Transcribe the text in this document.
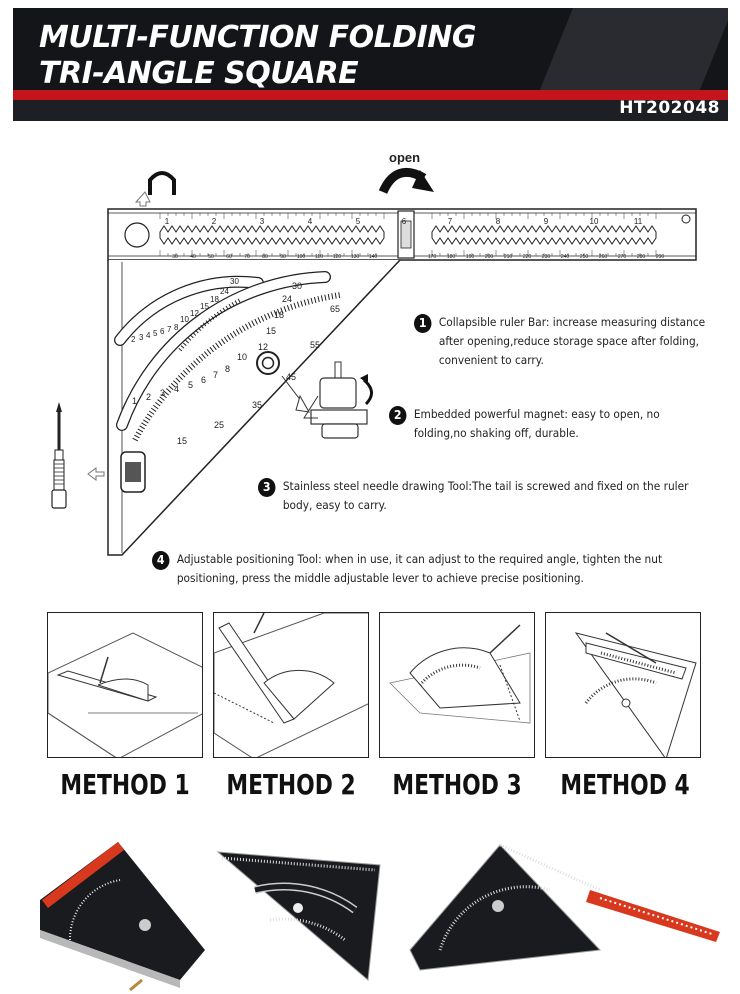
MULTI-FUNCTION FOLDING
TRI-ANGLE SQUARE
HT202048
1	2	3	4	5	6	7	8	9	10	11
30 40 50 60 70 80 90 100 110 120 130 140	170 180 190 200 210 220 230 240 250 260 270 280 290
2 3 4 5 6 7 8
10
12
15
18
24
30
1 2 3 4 5 6 7
8
10
12
15
18
24
30
15
25
35
45
55
65
open
1	Collapsible ruler Bar: increase measuring distance after opening,reduce storage space after folding, convenient to carry.
2	Embedded powerful magnet: easy to open, no folding,no shaking off, durable.
3	Stainless steel needle drawing Tool:The tail is screwed and fixed on the ruler body, easy to carry.
4	Adjustable positioning Tool: when in use, it can adjust to the required angle, tighten the nut positioning, press the middle adjustable lever to achieve precise positioning.
METHOD 1 METHOD 2 METHOD 3 METHOD 4
